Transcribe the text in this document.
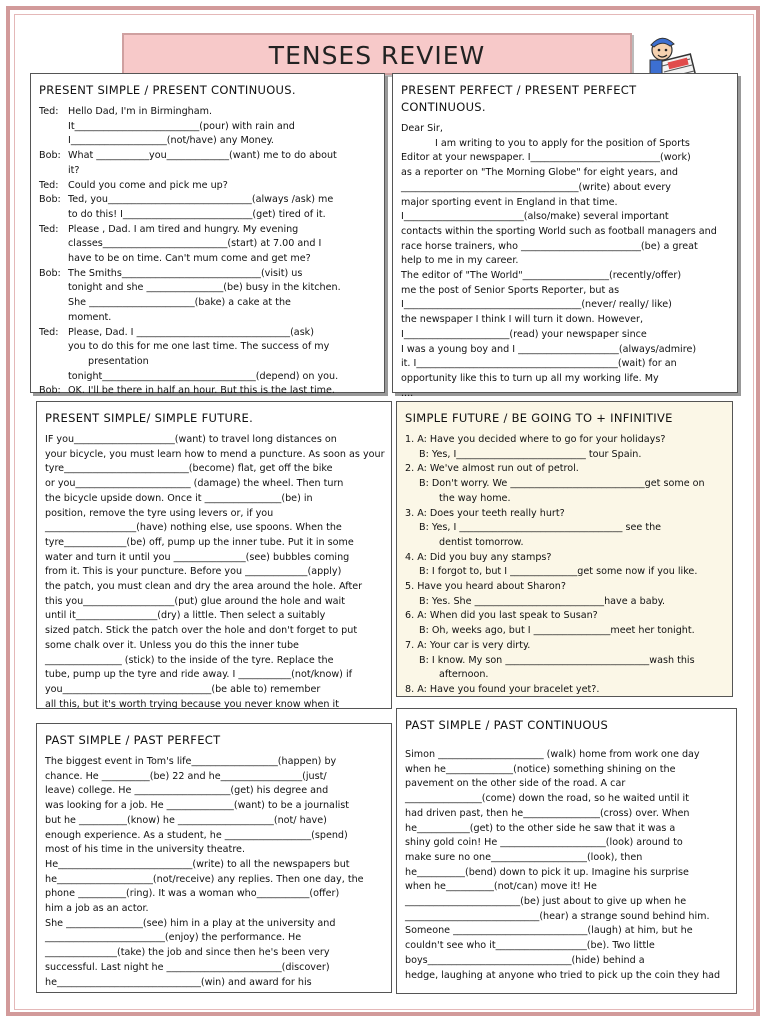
TENSES REVIEW
PRESENT SIMPLE / PRESENT CONTINUOUS.
Ted: Hello Dad, I'm in Birmingham.
It__________________________(pour) with rain and
I____________________(not/have) any Money.
Bob: What ___________you_____________(want) me to do about
it?
Ted: Could you come and pick me up?
Bob: Ted, you______________________________(always /ask) me
to do this! I___________________________(get) tired of it.
Ted: Please , Dad. I am tired and hungry. My evening
classes__________________________(start) at 7.00 and I
have to be on time. Can't mum come and get me?
Bob: The Smiths_____________________________(visit) us
tonight and she ________________(be) busy in the kitchen.
She ______________________(bake) a cake at the
moment.
Ted: Please, Dad. I ________________________________(ask)
you to do this for me one last time. The success of my
presentation
tonight________________________________(depend) on you.
Bob: OK. I'll be there in half an hour. But this is the last time.
PRESENT PERFECT / PRESENT PERFECT
CONTINUOUS.
Dear Sir,
I am writing to you to apply for the position of Sports
Editor at your newspaper. I___________________________(work)
as a reporter on "The Morning Globe" for eight years, and
_____________________________________(write) about every
major sporting event in England in that time.
I_________________________(also/make) several important
contacts within the sporting World such as football managers and
race horse trainers, who _________________________(be) a great
help to me in my career.
The editor of "The World"__________________(recently/offer)
me the post of Senior Sports Reporter, but as
I_____________________________________(never/ really/ like)
the newspaper I think I will turn it down. However,
I______________________(read) your newspaper since
I was a young boy and I _____________________(always/admire)
it. I__________________________________________(wait) for an
opportunity like this to turn up all my working life. My
....
PRESENT SIMPLE/ SIMPLE FUTURE.
IF you_____________________(want) to travel long distances on
your bicycle, you must learn how to mend a puncture. As soon as your
tyre__________________________(become) flat, get off the bike
or you________________________ (damage) the wheel. Then turn
the bicycle upside down. Once it ________________(be) in
position, remove the tyre using levers or, if you
___________________(have) nothing else, use spoons. When the
tyre_____________(be) off, pump up the inner tube. Put it in some
water and turn it until you _______________(see) bubbles coming
from it. This is your puncture. Before you _____________(apply)
the patch, you must clean and dry the area around the hole. After
this you___________________(put) glue around the hole and wait
until it_________________(dry) a little. Then select a suitably
sized patch. Stick the patch over the hole and don't forget to put
some chalk over it. Unless you do this the inner tube
________________ (stick) to the inside of the tyre. Replace the
tube, pump up the tyre and ride away. I ___________(not/know) if
you_______________________________(be able to) remember
all this, but it's worth trying because you never know when it
SIMPLE FUTURE / BE GOING TO + INFINITIVE
1. A: Have you decided where to go for your holidays?
B: Yes, I___________________________ tour Spain.
2. A: We've almost run out of petrol.
B: Don't worry. We ____________________________get some on
the way home.
3. A: Does your teeth really hurt?
B: Yes, I __________________________________ see the
dentist tomorrow.
4. A: Did you buy any stamps?
B: I forgot to, but I ______________get some now if you like.
5. Have you heard about Sharon?
B: Yes. She ___________________________have a baby.
6. A: When did you last speak to Susan?
B: Oh, weeks ago, but I ________________meet her tonight.
7. A: Your car is very dirty.
B: I know. My son ______________________________wash this
afternoon.
8. A: Have you found your bracelet yet?.
PAST SIMPLE / PAST PERFECT
The biggest event in Tom's life__________________(happen) by
chance. He __________(be) 22 and he_________________(just/
leave) college. He ____________________(get) his degree and
was looking for a job. He ______________(want) to be a journalist
but he __________(know) he ____________________(not/ have)
enough experience. As a student, he __________________(spend)
most of his time in the university theatre.
He____________________________(write) to all the newspapers but
he____________________(not/receive) any replies. Then one day, the
phone __________(ring). It was a woman who___________(offer)
him a job as an actor.
She ________________(see) him in a play at the university and
_________________________(enjoy) the performance. He
_______________(take) the job and since then he's been very
successful. Last night he ________________________(discover)
he______________________________(win) and award for his
PAST SIMPLE / PAST CONTINUOUS
Simon ______________________ (walk) home from work one day
when he______________(notice) something shining on the
pavement on the other side of the road. A car
________________(come) down the road, so he waited until it
had driven past, then he________________(cross) over. When
he___________(get) to the other side he saw that it was a
shiny gold coin! He ______________________(look) around to
make sure no one____________________(look), then
he__________(bend) down to pick it up. Imagine his surprise
when he__________(not/can) move it! He
________________________(be) just about to give up when he
____________________________(hear) a strange sound behind him.
Someone ____________________________(laugh) at him, but he
couldn't see who it___________________(be). Two little
boys______________________________(hide) behind a
hedge, laughing at anyone who tried to pick up the coin they had
